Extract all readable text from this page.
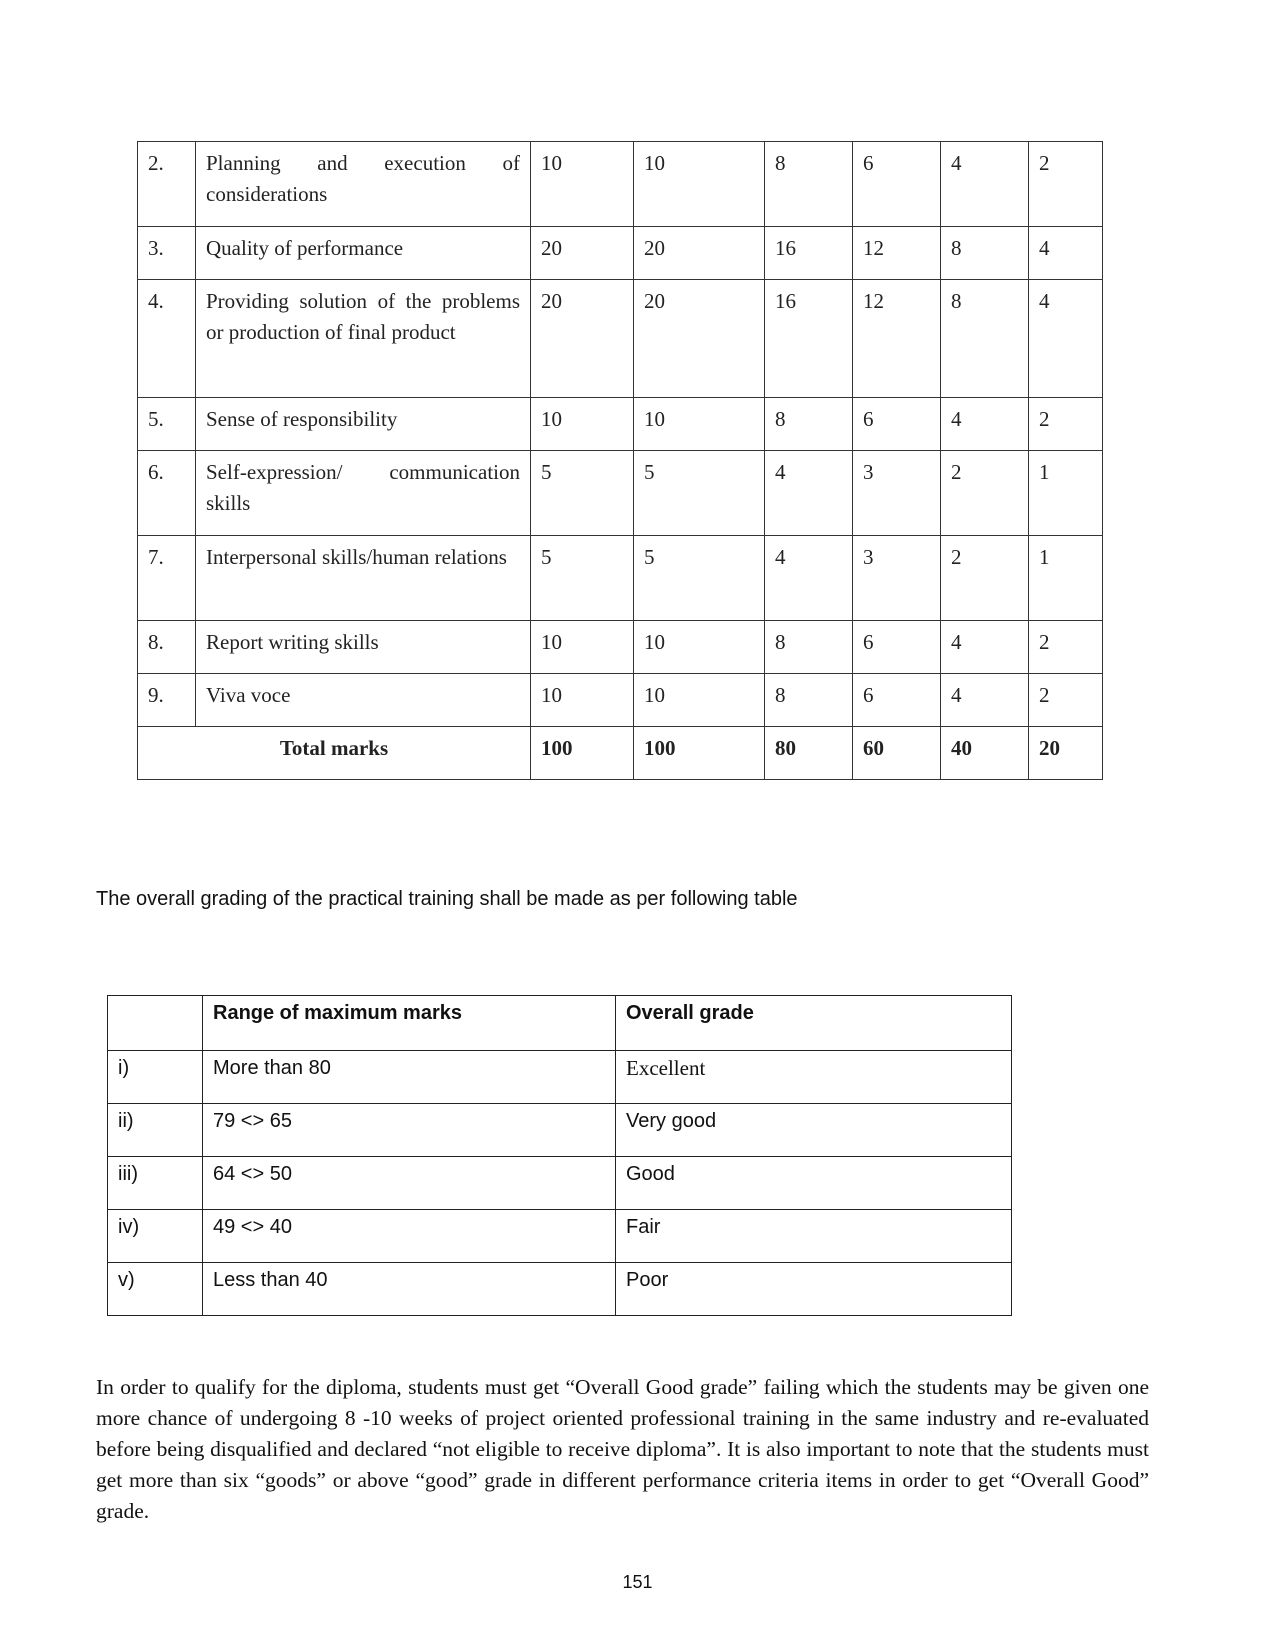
2.	Planning and execution of considerations	10	10	8	6	4	2
3.	Quality of performance	20	20	16	12	8	4
4.	Providing solution of the problems or production of final product	20	20	16	12	8	4
5.	Sense of responsibility	10	10	8	6	4	2
6.	Self-expression/ communication skills	5	5	4	3	2	1
7.	Interpersonal skills/human relations	5	5	4	3	2	1
8.	Report writing skills	10	10	8	6	4	2
9.	Viva voce	10	10	8	6	4	2
Total marks		100	100	80	60	40	20

The overall grading of the practical training shall be made as per following table

	Range of maximum marks	Overall grade
i)	More than 80	Excellent
ii)	79 <> 65	Very good
iii)	64 <> 50	Good
iv)	49 <> 40	Fair
v)	Less than 40	Poor

In order to qualify for the diploma, students must get “Overall Good grade” failing which the students may be given one more chance of undergoing 8 -10 weeks of project oriented professional training in the same industry and re-evaluated before being disqualified and declared “not eligible to receive diploma”. It is also important to note that the students must get more than six “goods” or above “good” grade in different performance criteria items in order to get “Overall Good” grade.

151
